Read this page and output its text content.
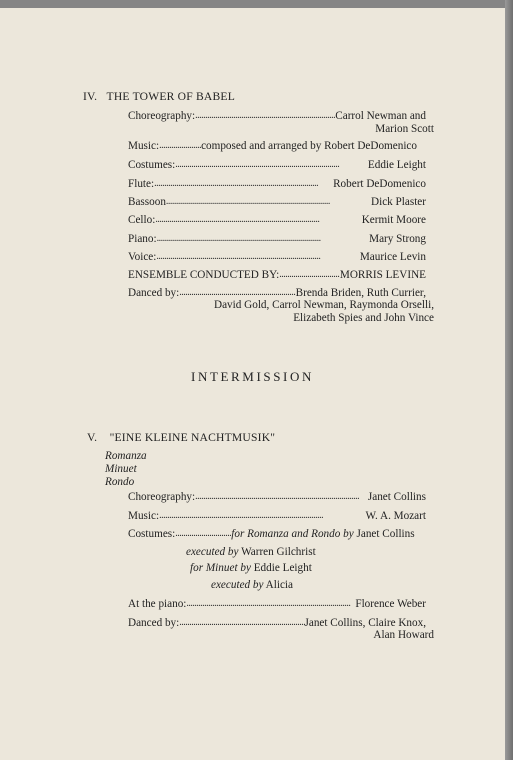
IV. THE TOWER OF BABEL
Choreography: . . .	Carrol Newman and
Marion Scott
Music: . . .	composed and arranged by Robert DeDomenico
Costumes: . . .	Eddie Leight
Flute: . . .	Robert DeDomenico
Bassoon . . .	Dick Plaster
Cello: . . .	Kermit Moore
Piano: . . .	Mary Strong
Voice: . . .	Maurice Levin
ENSEMBLE CONDUCTED BY: . . .	MORRIS LEVINE
Danced by: . . .	Brenda Briden, Ruth Currier,
David Gold, Carrol Newman, Raymonda Orselli,
Elizabeth Spies and John Vince
INTERMISSION
V. "EINE KLEINE NACHTMUSIK"
Romanza
Minuet
Rondo
Choreography: . . .	Janet Collins
Music: . . .	W. A. Mozart
Costumes: . . .	for Romanza and Rondo by Janet Collins
executed by Warren Gilchrist
for Minuet by Eddie Leight
executed by Alicia
At the piano: . . .	Florence Weber
Danced by: . . .	Janet Collins, Claire Knox,
Alan Howard
